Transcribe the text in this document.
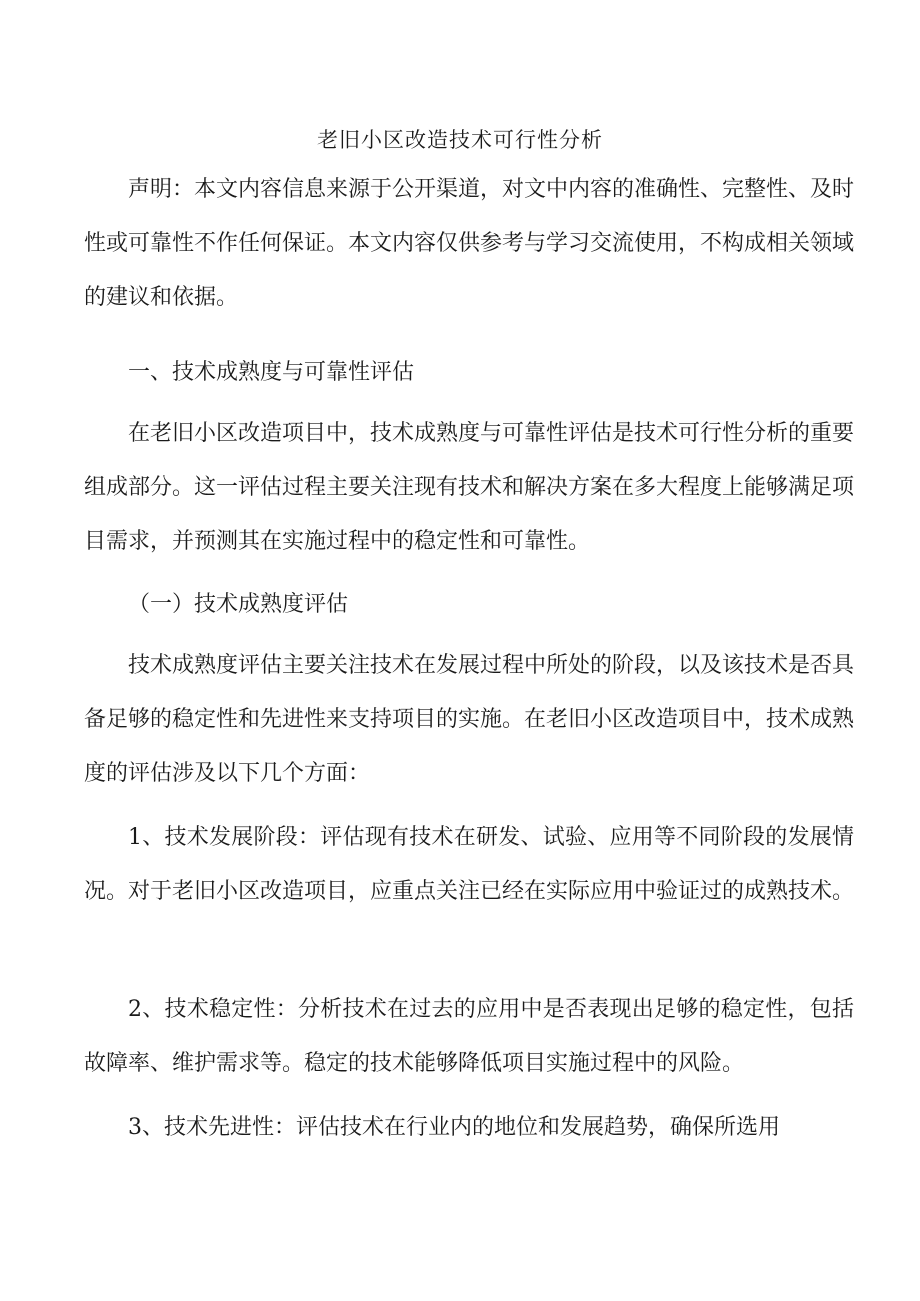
老旧小区改造技术可行性分析

声明：本文内容信息来源于公开渠道，对文中内容的准确性、完整性、及时性或可靠性不作任何保证。本文内容仅供参考与学习交流使用，不构成相关领域的建议和依据。

一、技术成熟度与可靠性评估

在老旧小区改造项目中，技术成熟度与可靠性评估是技术可行性分析的重要组成部分。这一评估过程主要关注现有技术和解决方案在多大程度上能够满足项目需求，并预测其在实施过程中的稳定性和可靠性。

（一）技术成熟度评估

技术成熟度评估主要关注技术在发展过程中所处的阶段，以及该技术是否具备足够的稳定性和先进性来支持项目的实施。在老旧小区改造项目中，技术成熟度的评估涉及以下几个方面：

1、技术发展阶段：评估现有技术在研发、试验、应用等不同阶段的发展情况。对于老旧小区改造项目，应重点关注已经在实际应用中验证过的成熟技术。

2、技术稳定性：分析技术在过去的应用中是否表现出足够的稳定性，包括故障率、维护需求等。稳定的技术能够降低项目实施过程中的风险。

3、技术先进性：评估技术在行业内的地位和发展趋势，确保所选用
